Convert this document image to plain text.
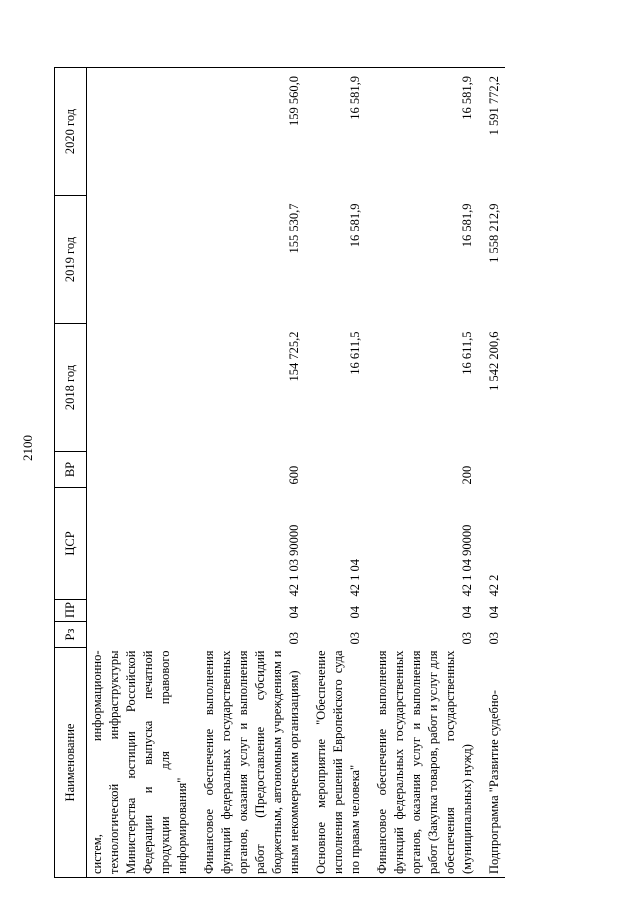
2100
Наименование	Рз	ПР	ЦСР	ВР	2018 год	2019 год	2020 год
систем, информационно-технологической инфраструктуры Министерства юстиции Российской Федерации и выпуска печатной продукции для правового информирования"							
Финансовое обеспечение выполнения функций федеральных государственных органов, оказания услуг и выполнения работ (Предоставление субсидий бюджетным, автономным учреждениям и иным некоммерческим организациям)	03	04	42 1 03 90000	600	154 725,2	155 530,7	159 560,0
Основное мероприятие "Обеспечение исполнения решений Европейского суда по правам человека"	03	04	42 1 04		16 611,5	16 581,9	16 581,9
Финансовое обеспечение выполнения функций федеральных государственных органов, оказания услуг и выполнения работ (Закупка товаров, работ и услуг для обеспечения государственных (муниципальных) нужд)	03	04	42 1 04 90000	200	16 611,5	16 581,9	16 581,9
Подпрограмма "Развитие судебно-	03	04	42 2		1 542 200,6	1 558 212,9	1 591 772,2
